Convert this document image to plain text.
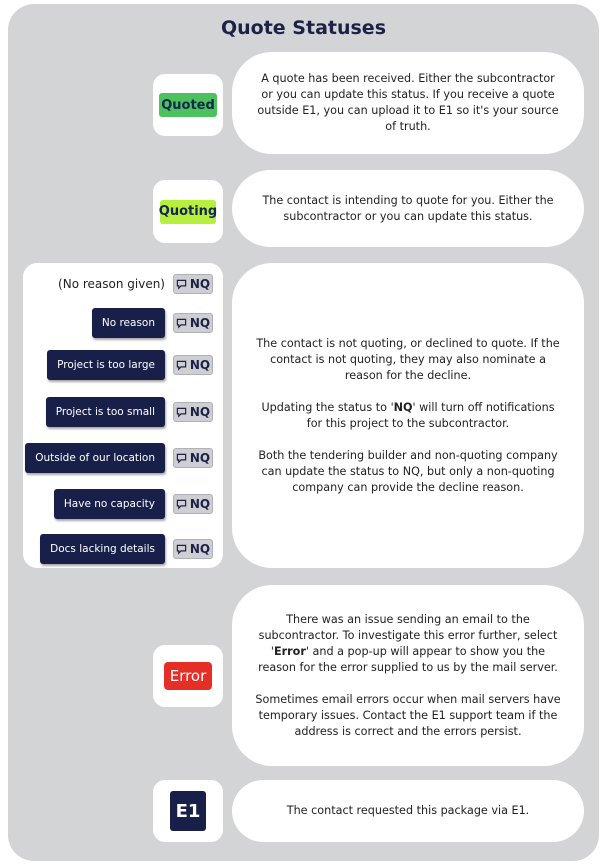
Quote Statuses
Quoted

A quote has been received. Either the subcontractor or you can update this status. If you receive a quote outside E1, you can upload it to E1 so it's your source of truth.

Quoting

The contact is intending to quote for you. Either the subcontractor or you can update this status.

(No reason given) NQ
No reason	NQ
Project is too large	NQ
Project is too small	NQ
Outside of our location	NQ
Have no capacity	NQ
Docs lacking details	NQ

The contact is not quoting, or declined to quote. If the contact is not quoting, they may also nominate a reason for the decline.

Updating the status to 'NQ' will turn off notifications for this project to the subcontractor.

Both the tendering builder and non-quoting company can update the status to NQ, but only a non-quoting company can provide the decline reason.

Error

There was an issue sending an email to the subcontractor. To investigate this error further, select 'Error' and a pop-up will appear to show you the reason for the error supplied to us by the mail server.

Sometimes email errors occur when mail servers have temporary issues. Contact the E1 support team if the address is correct and the errors persist.

E1	The contact requested this package via E1.
